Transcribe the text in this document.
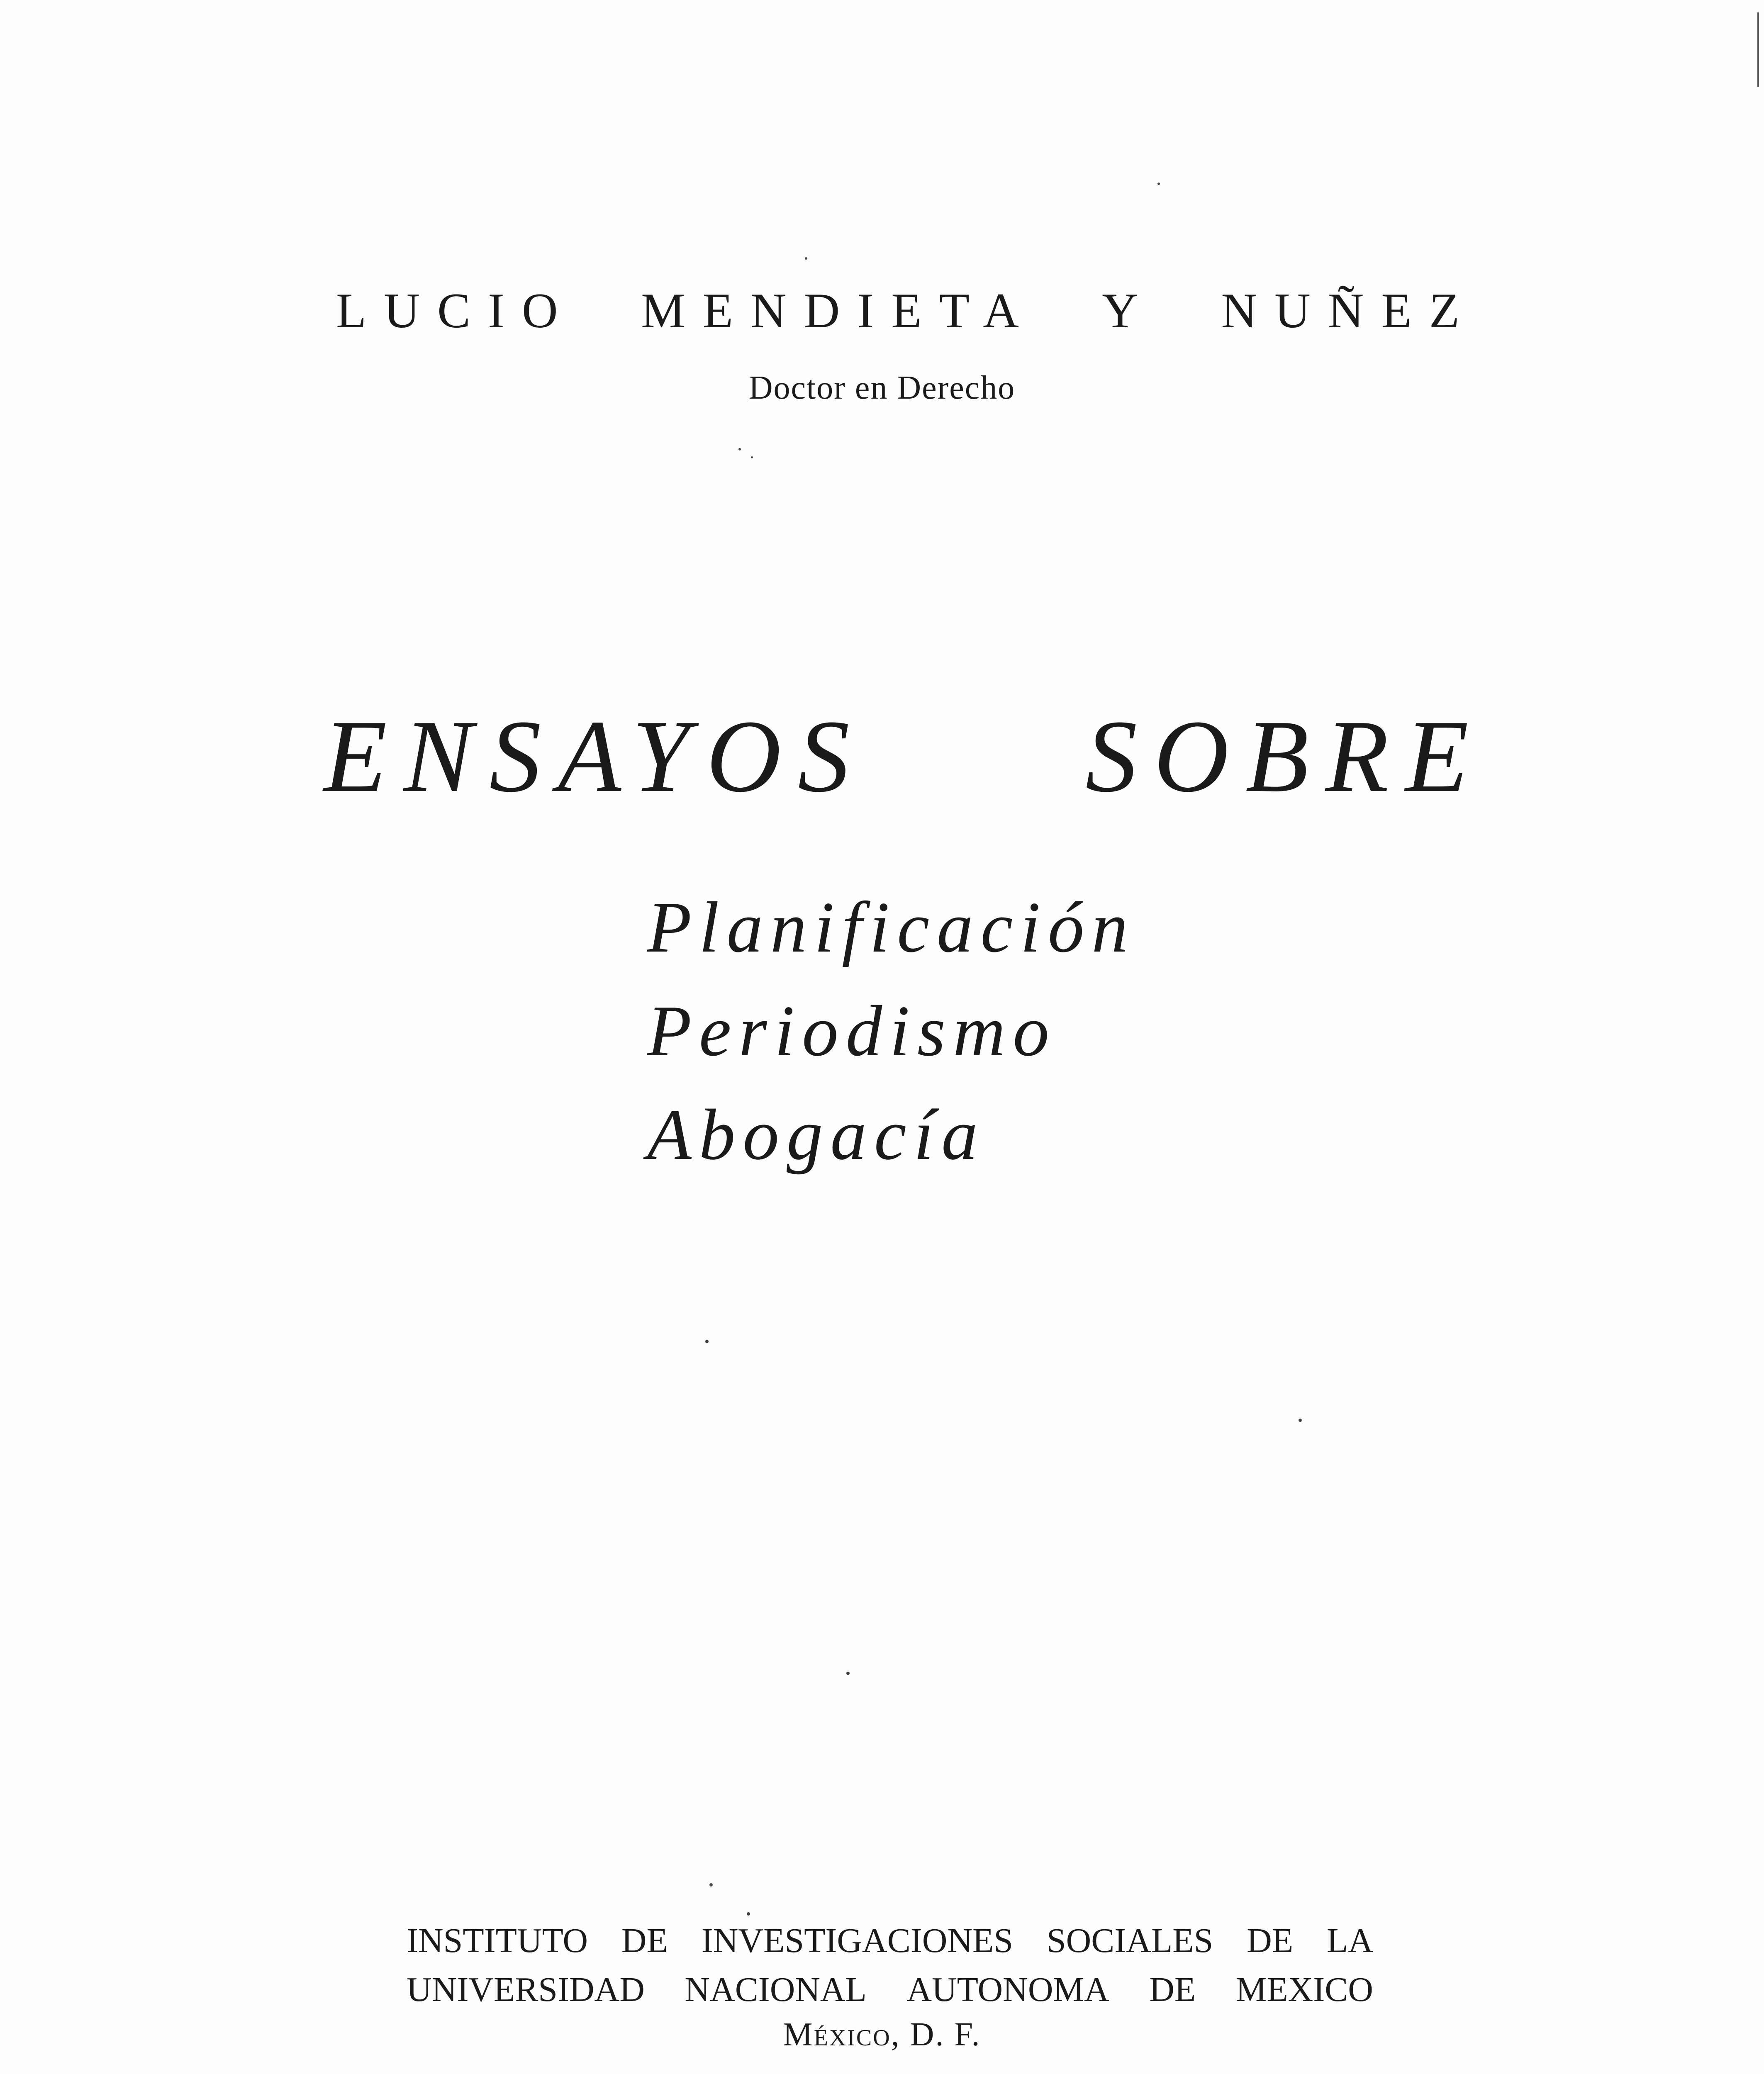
LUCIO MENDIETA Y NUÑEZ
Doctor en Derecho
ENSAYOS SOBRE
Planificación
Periodismo
Abogacía
INSTITUTO DE INVESTIGACIONES SOCIALES DE LA
UNIVERSIDAD NACIONAL AUTONOMA DE MEXICO
México, D. F.
